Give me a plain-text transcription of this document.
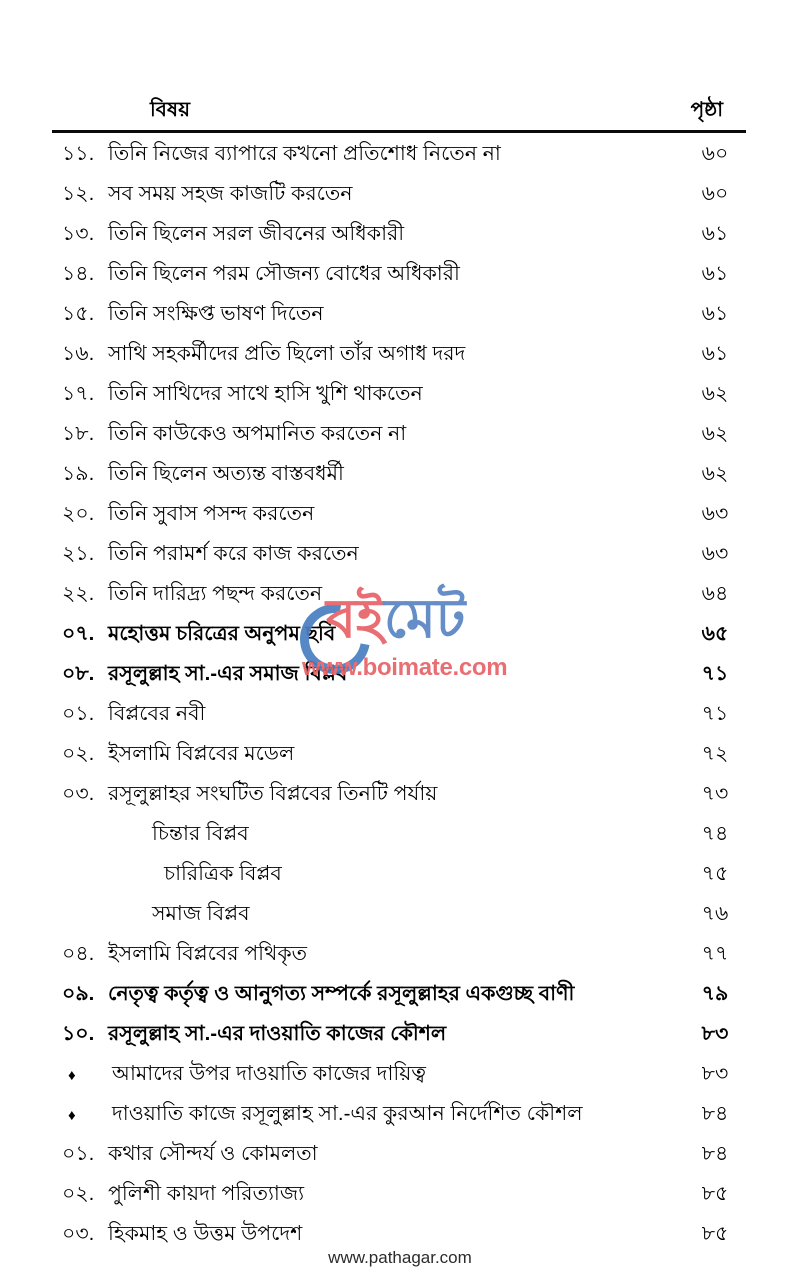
বিষয়	পৃষ্ঠা
১১. তিনি নিজের ব্যাপারে কখনো প্রতিশোধ নিতেন না	৬০
১২. সব সময় সহজ কাজটি করতেন	৬০
১৩. তিনি ছিলেন সরল জীবনের অধিকারী	৬১
১৪. তিনি ছিলেন পরম সৌজন্য বোধের অধিকারী	৬১
১৫. তিনি সংক্ষিপ্ত ভাষণ দিতেন	৬১
১৬. সাথি সহকর্মীদের প্রতি ছিলো তাঁর অগাধ দরদ	৬১
১৭. তিনি সাথিদের সাথে হাসি খুশি থাকতেন	৬২
১৮. তিনি কাউকেও অপমানিত করতেন না	৬২
১৯. তিনি ছিলেন অত্যন্ত বাস্তবধর্মী	৬২
২০. তিনি সুবাস পসন্দ করতেন	৬৩
২১. তিনি পরামর্শ করে কাজ করতেন	৬৩
২২. তিনি দারিদ্র্য পছন্দ করতেন	৬৪
০৭. মহোত্তম চরিত্রের অনুপম ছবি	৬৫
০৮. রসূলুল্লাহ সা.-এর সমাজ বিপ্লব	৭১
০১. বিপ্লবের নবী	৭১
০২. ইসলামি বিপ্লবের মডেল	৭২
০৩. রসূলুল্লাহর সংঘটিত বিপ্লবের তিনটি পর্যায়	৭৩
চিন্তার বিপ্লব	৭৪
চারিত্রিক বিপ্লব	৭৫
সমাজ বিপ্লব	৭৬
০৪. ইসলামি বিপ্লবের পথিকৃত	৭৭
০৯. নেতৃত্ব কর্তৃত্ব ও আনুগত্য সম্পর্কে রসূলুল্লাহর একগুচ্ছ বাণী	৭৯
১০. রসূলুল্লাহ সা.-এর দাওয়াতি কাজের কৌশল	৮৩
♦	আমাদের উপর দাওয়াতি কাজের দায়িত্ব	৮৩
♦	দাওয়াতি কাজে রসূলুল্লাহ সা.-এর কুরআন নির্দেশিত কৌশল	৮৪
০১. কথার সৌন্দর্য ও কোমলতা	৮৪
০২. পুলিশী কায়দা পরিত্যাজ্য	৮৫
০৩. হিকমাহ ও উত্তম উপদেশ	৮৫
বইমেট
www.boimate.com
www.pathagar.com
